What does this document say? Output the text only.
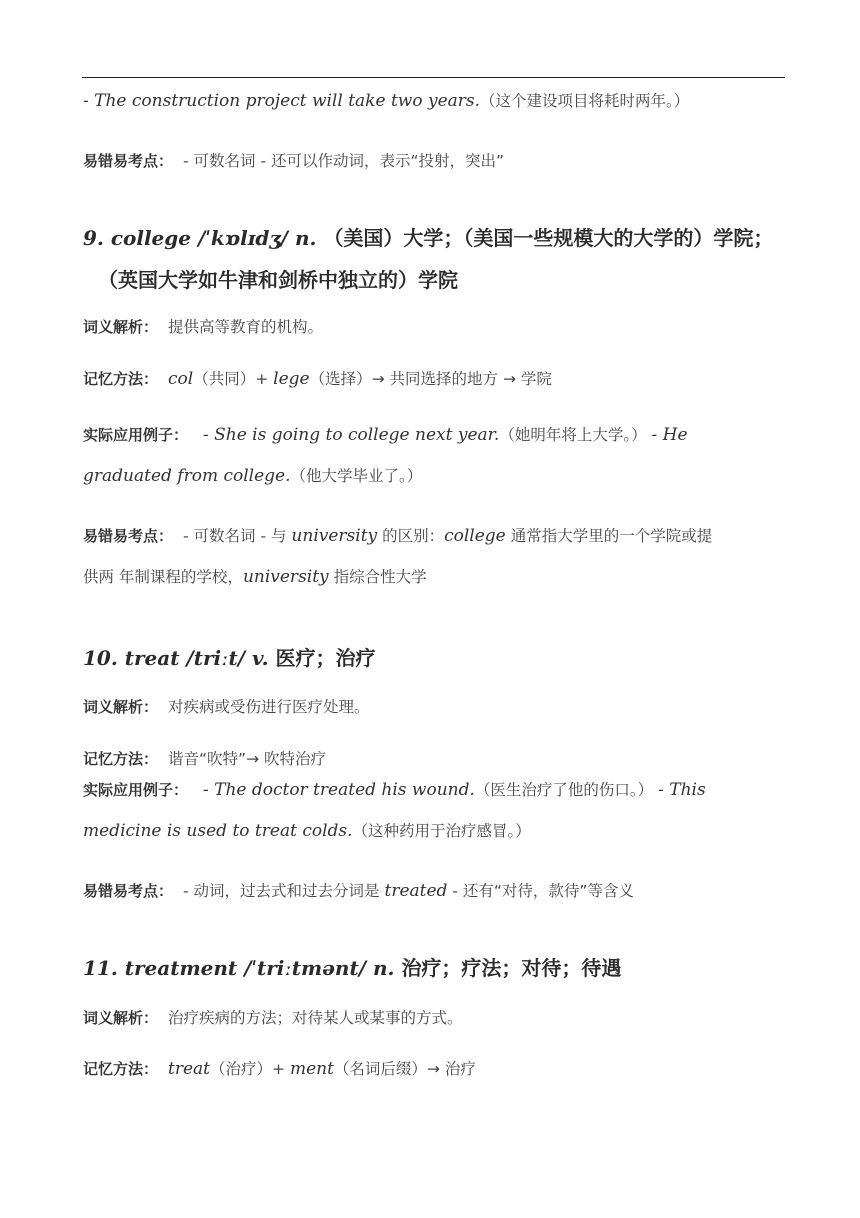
- The construction project will take two years.（这个建设项目将耗时两年。）
易错易考点： - 可数名词 - 还可以作动词，表示“投射，突出”
9. college /ˈkɒlɪdʒ/ n. （美国）大学；（美国一些规模大的大学的）学院；
（英国大学如牛津和剑桥中独立的）学院
词义解析： 提供高等教育的机构。
记忆方法： col（共同）+ lege（选择）→ 共同选择的地方 → 学院
实际应用例子： - She is going to college next year.（她明年将上大学。） - He
graduated from college.（他大学毕业了。）
易错易考点： - 可数名词 - 与 university 的区别：college 通常指大学里的一个学院或提
供两 年制课程的学校，university 指综合性大学
10. treat /triːt/ v. 医疗；治疗
词义解析： 对疾病或受伤进行医疗处理。
记忆方法： 谐音“吹特”→ 吹特治疗
实际应用例子： - The doctor treated his wound.（医生治疗了他的伤口。） - This
medicine is used to treat colds.（这种药用于治疗感冒。）
易错易考点： - 动词，过去式和过去分词是 treated - 还有“对待，款待”等含义
11. treatment /ˈtriːtmənt/ n. 治疗；疗法；对待；待遇
词义解析： 治疗疾病的方法；对待某人或某事的方式。
记忆方法： treat（治疗）+ ment（名词后缀）→ 治疗
